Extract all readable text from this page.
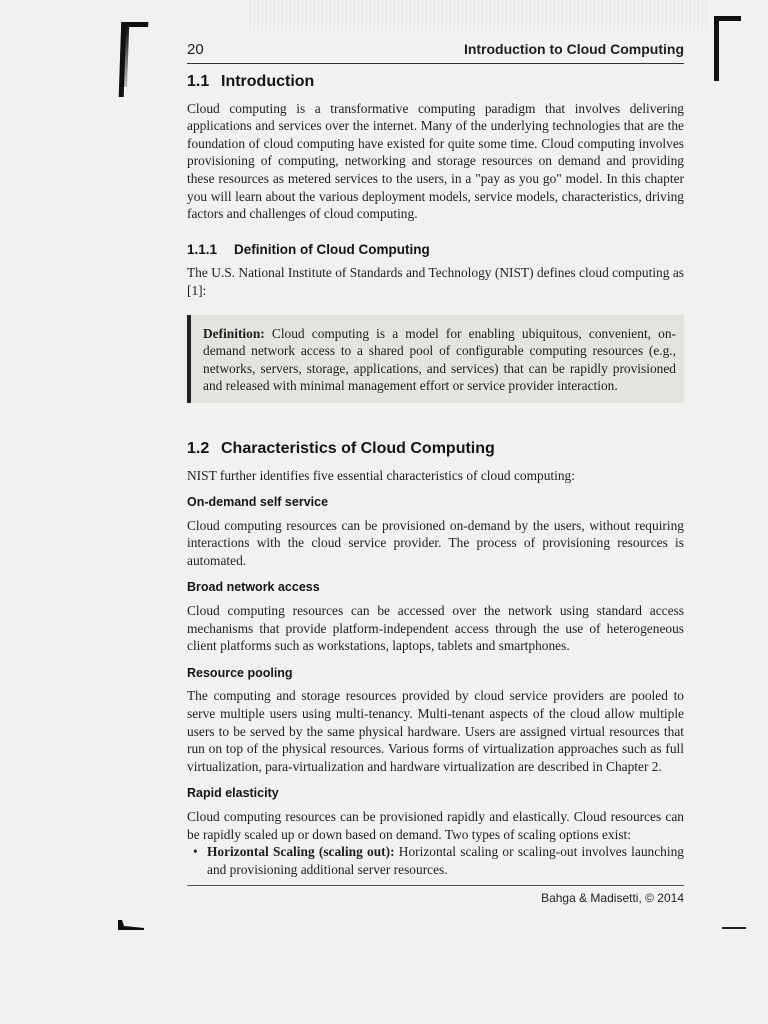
20	Introduction to Cloud Computing
1.1 Introduction

Cloud computing is a transformative computing paradigm that involves delivering applications and services over the internet. Many of the underlying technologies that are the foundation of cloud computing have existed for quite some time. Cloud computing involves provisioning of computing, networking and storage resources on demand and providing these resources as metered services to the users, in a "pay as you go" model. In this chapter you will learn about the various deployment models, service models, characteristics, driving factors and challenges of cloud computing.

1.1.1 Definition of Cloud Computing

The U.S. National Institute of Standards and Technology (NIST) defines cloud computing as [1]:

Definition: Cloud computing is a model for enabling ubiquitous, convenient, on-demand network access to a shared pool of configurable computing resources (e.g., networks, servers, storage, applications, and services) that can be rapidly provisioned and released with minimal management effort or service provider interaction.

1.2 Characteristics of Cloud Computing

NIST further identifies five essential characteristics of cloud computing:

On-demand self service

Cloud computing resources can be provisioned on-demand by the users, without requiring interactions with the cloud service provider. The process of provisioning resources is automated.

Broad network access

Cloud computing resources can be accessed over the network using standard access mechanisms that provide platform-independent access through the use of heterogeneous client platforms such as workstations, laptops, tablets and smartphones.

Resource pooling

The computing and storage resources provided by cloud service providers are pooled to serve multiple users using multi-tenancy. Multi-tenant aspects of the cloud allow multiple users to be served by the same physical hardware. Users are assigned virtual resources that run on top of the physical resources. Various forms of virtualization approaches such as full virtualization, para-virtualization and hardware virtualization are described in Chapter 2.

Rapid elasticity

Cloud computing resources can be provisioned rapidly and elastically. Cloud resources can be rapidly scaled up or down based on demand. Two types of scaling options exist:

• Horizontal Scaling (scaling out): Horizontal scaling or scaling-out involves launching and provisioning additional server resources.
Bahga & Madisetti, © 2014
